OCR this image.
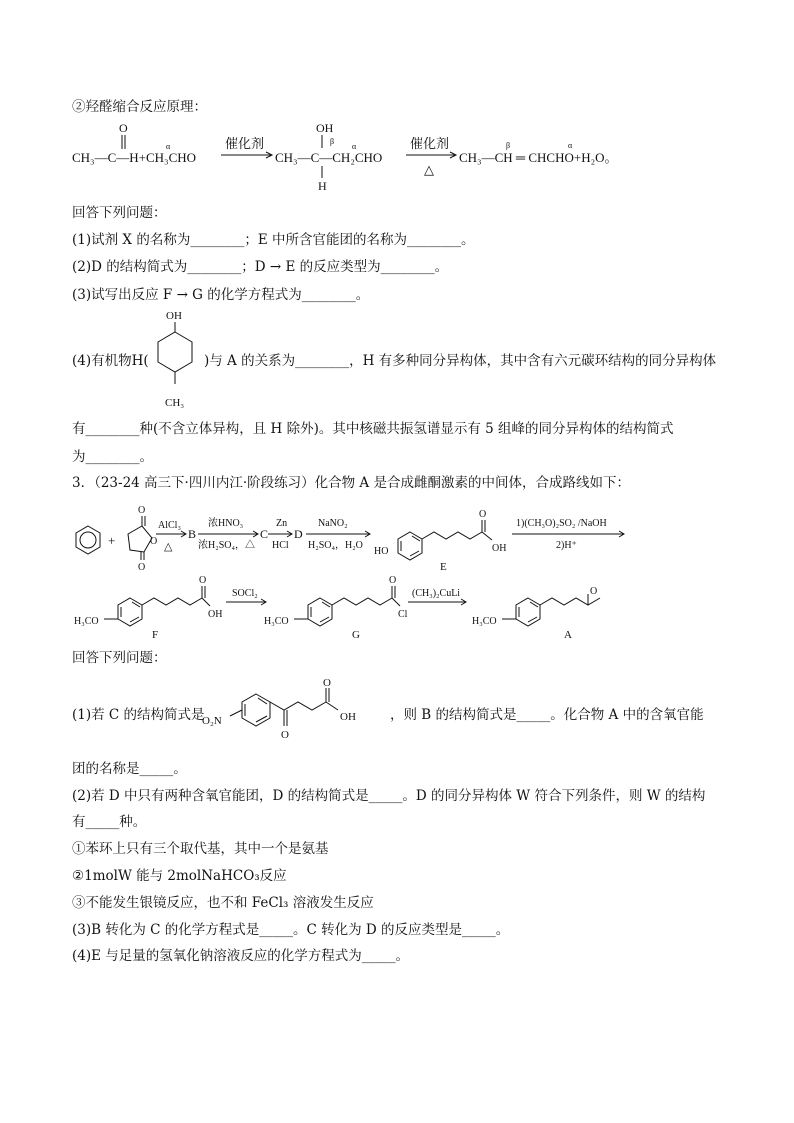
②羟醛缩合反应原理：
O
CH₃—C—H+CH₃CHO
α	催化剂
OH
β
CH₃—C—CH₂CHO
α
H
催化剂
△
β	α
CH₃—CH ═ CHCHO+H₂O。
回答下列问题：
(1)试剂 X 的名称为________；E 中所含官能团的名称为________。
(2)D 的结构简式为________；D → E 的反应类型为________。
(3)试写出反应 F → G 的化学方程式为________。
(4)有机物H(
OH
CH₃
)与 A 的关系为________，H 有多种同分异构体，其中含有六元碳环结构的同分异构体
有________种(不含立体异构，且 H 除外)。其中核磁共振氢谱显示有 5 组峰的同分异构体的结构简式
为________。
3．（23-24 高三下·四川内江·阶段练习）化合物 A 是合成雌酮激素的中间体，合成路线如下：
+
O
O
O
AlCl₃
△
B
浓HNO₃
浓H₂SO₄，△
C
Zn
HCl
D
NaNO₂
H₂SO₄，H₂O
HO
O
OH
E
1)(CH₃O)₂SO₂ /NaOH
2)H⁺
H₃CO
O
OH
F
SOCl₂
H₃CO
O
Cl
G
(CH₃)₂CuLi
H₃CO
O
A
回答下列问题：
(1)若 C 的结构简式是
O₂N
O
O
OH	，则 B 的结构简式是_____。化合物 A 中的含氧官能
团的名称是_____。
(2)若 D 中只有两种含氧官能团，D 的结构简式是_____。D 的同分异构体 W 符合下列条件，则 W 的结构
有_____种。
①苯环上只有三个取代基，其中一个是氨基
②1molW 能与 2molNaHCO₃反应
③不能发生银镜反应，也不和 FeCl₃ 溶液发生反应
(3)B 转化为 C 的化学方程式是_____。C 转化为 D 的反应类型是_____。
(4)E 与足量的氢氧化钠溶液反应的化学方程式为_____。
